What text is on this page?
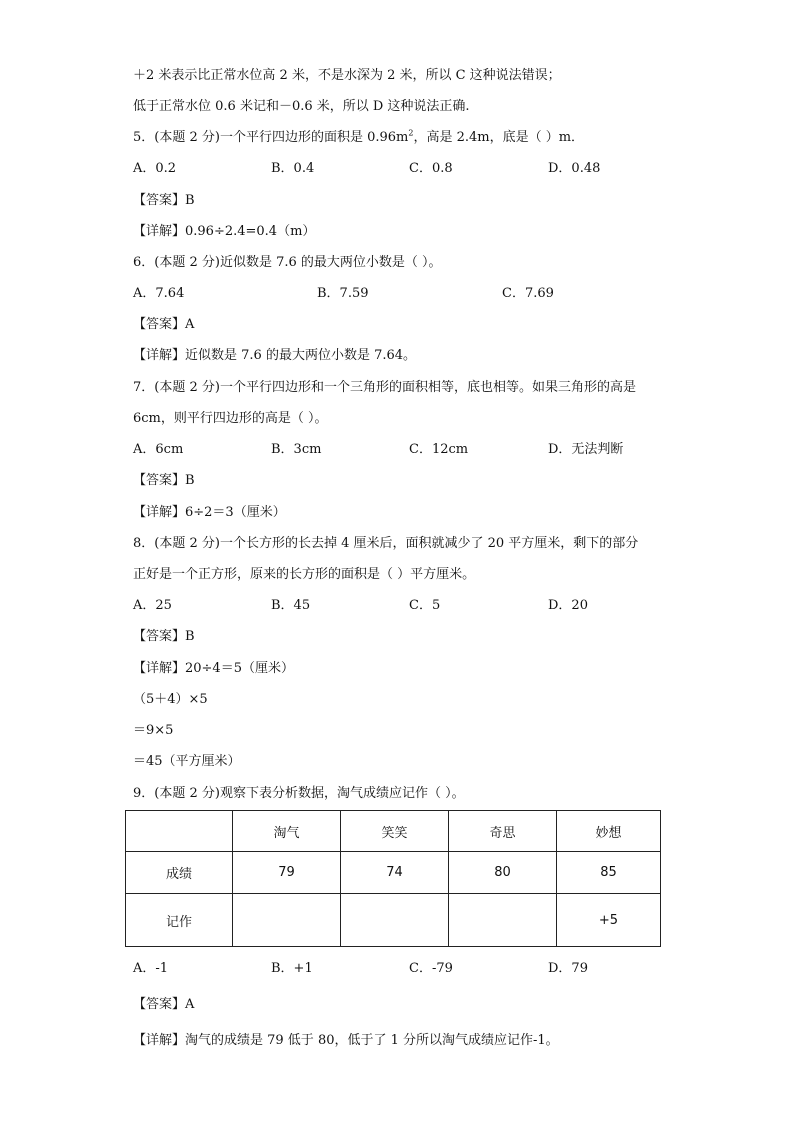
＋2 米表示比正常水位高 2 米，不是水深为 2 米，所以 C 这种说法错误；
低于正常水位 0.6 米记和－0.6 米，所以 D 这种说法正确.
5．(本题 2 分)一个平行四边形的面积是 $0.96m^2$，高是 2.4m，底是（ ）m．
A．0.2	B．0.4	C．0.8	D．0.48
【答案】B
【详解】0.96÷2.4=0.4（m）
6．(本题 2 分)近似数是 7.6 的最大两位小数是（ ）。
A．7.64	B．7.59	C．7.69
【答案】A
【详解】近似数是 7.6 的最大两位小数是 7.64。
7．(本题 2 分)一个平行四边形和一个三角形的面积相等，底也相等。如果三角形的高是
6cm，则平行四边形的高是（ ）。
A．6cm	B．3cm	C．12cm	D．无法判断
【答案】B
【详解】6÷2＝3（厘米）
8．(本题 2 分)一个长方形的长去掉 4 厘米后，面积就减少了 20 平方厘米，剩下的部分
正好是一个正方形，原来的长方形的面积是（ ）平方厘米。
A．25	B．45	C．5	D．20
【答案】B
【详解】20÷4＝5（厘米）
（5＋4）×5
＝9×5
＝45（平方厘米）
9．(本题 2 分)观察下表分析数据，淘气成绩应记作（ ）。
	淘气	笑笑	奇思	妙想
成绩	79	74	80	85
记作				+5
A．-1	B．+1	C．-79	D．79
【答案】A
【详解】淘气的成绩是 79 低于 80，低于了 1 分所以淘气成绩应记作-1。
